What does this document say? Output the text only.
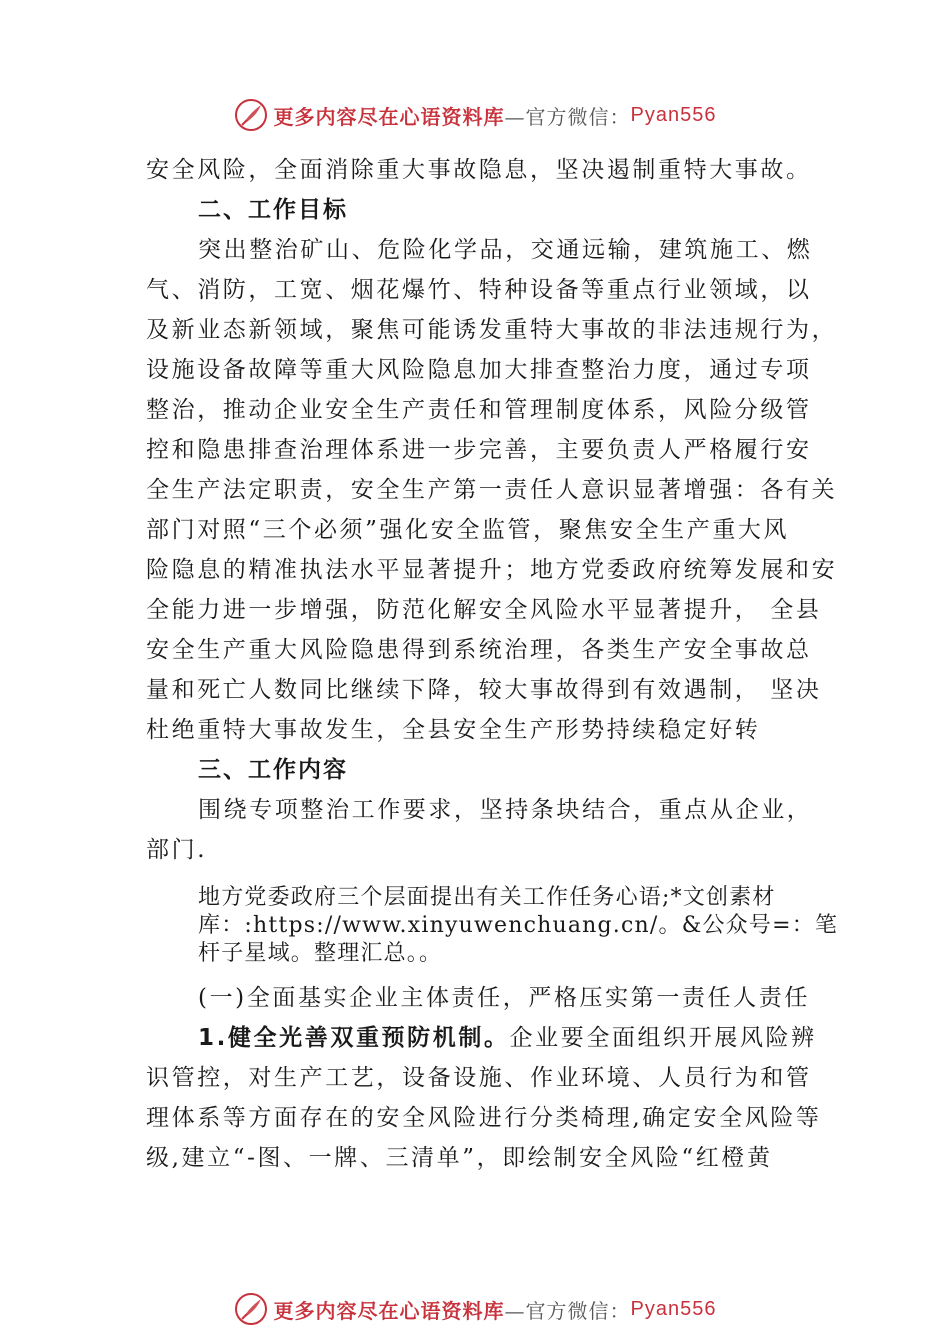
更多内容尽在心语资料库 —官方微信： Pyan556

安全风险，全面消除重大事故隐息，坚决遏制重特大事故。

二、工作目标

突出整治矿山、危险化学品，交通远输，建筑施工、燃

气、消防，工宽、烟花爆竹、特种设备等重点行业领域，以

及新业态新领域，聚焦可能诱发重特大事故的非法违规行为，

设施设备故障等重大风险隐息加大排查整治力度，通过专项

整治，推动企业安全生产责任和管理制度体系，风险分级管

控和隐患排查治理体系进一步完善，主要负责人严格履行安

全生产法定职责，安全生产第一责任人意识显著增强：各有关

部门对照“三个必须”强化安全监管，聚焦安全生产重大风

险隐息的精准执法水平显著提升；地方党委政府统筹发展和安

全能力进一步增强，防范化解安全风险水平显著提升， 全县

安全生产重大风险隐患得到系统治理，各类生产安全事故总

量和死亡人数同比继续下降，较大事故得到有效遇制， 坚决

杜绝重特大事故发生，全县安全生产形势持续稳定好转

三、工作内容

围绕专项整治工作要求，坚持条块结合，重点从企业，

部门.

地方党委政府三个层面提出有关工作任务心语;*文创素材

库：:https://www.xinyuwenchuang.cn/。&公众号=：笔

杆子星域。整理汇总。。

(一)全面基实企业主体责任，严格压实第一责任人责任

1.健全光善双重预防机制。企业要全面组织开展风险辨

识管控，对生产工艺，设备设施、作业环境、人员行为和管

理体系等方面存在的安全风险进行分类椅理,确定安全风险等

级,建立“-图、一牌、三清单”，即绘制安全风险“红橙黄

更多内容尽在心语资料库 —官方微信： Pyan556
